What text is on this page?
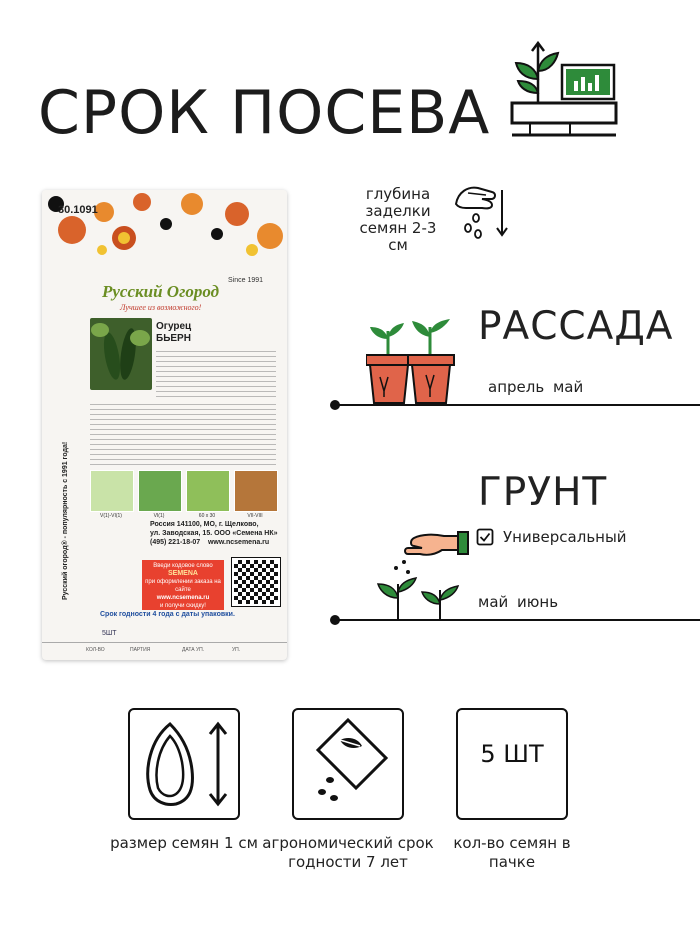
СРОК ПОСЕВА
30.1091
Русский Огород
Since 1991
Лучшее из возможного!
Огурец
БЬЕРН
Русский огород® - популярность с 1991 года!	V(1)-VI(1)	VI(1)	60 x 30	VII-VIII
Россия 141100, МО, г. Щелково,
ул. Заводская, 15. ООО «Семена НК»
(495) 221-18-07    www.ncsemena.ru
Введи кодовое слово
SEMENA
при оформлении заказа на сайте
www.ncsemena.ru
и получи скидку!
Срок годности 4 года с даты упаковки.
5ШТ
КОЛ-ВО	ПАРТИЯ	ДАТА УП.	УП.
глубина заделки семян 2-3 см
РАССАДА
апрель май
ГРУНТ
Универсальный
май июнь
размер семян 1 см агрономический срок годности 7 лет
5 ШТ
кол-во семян в пачке
